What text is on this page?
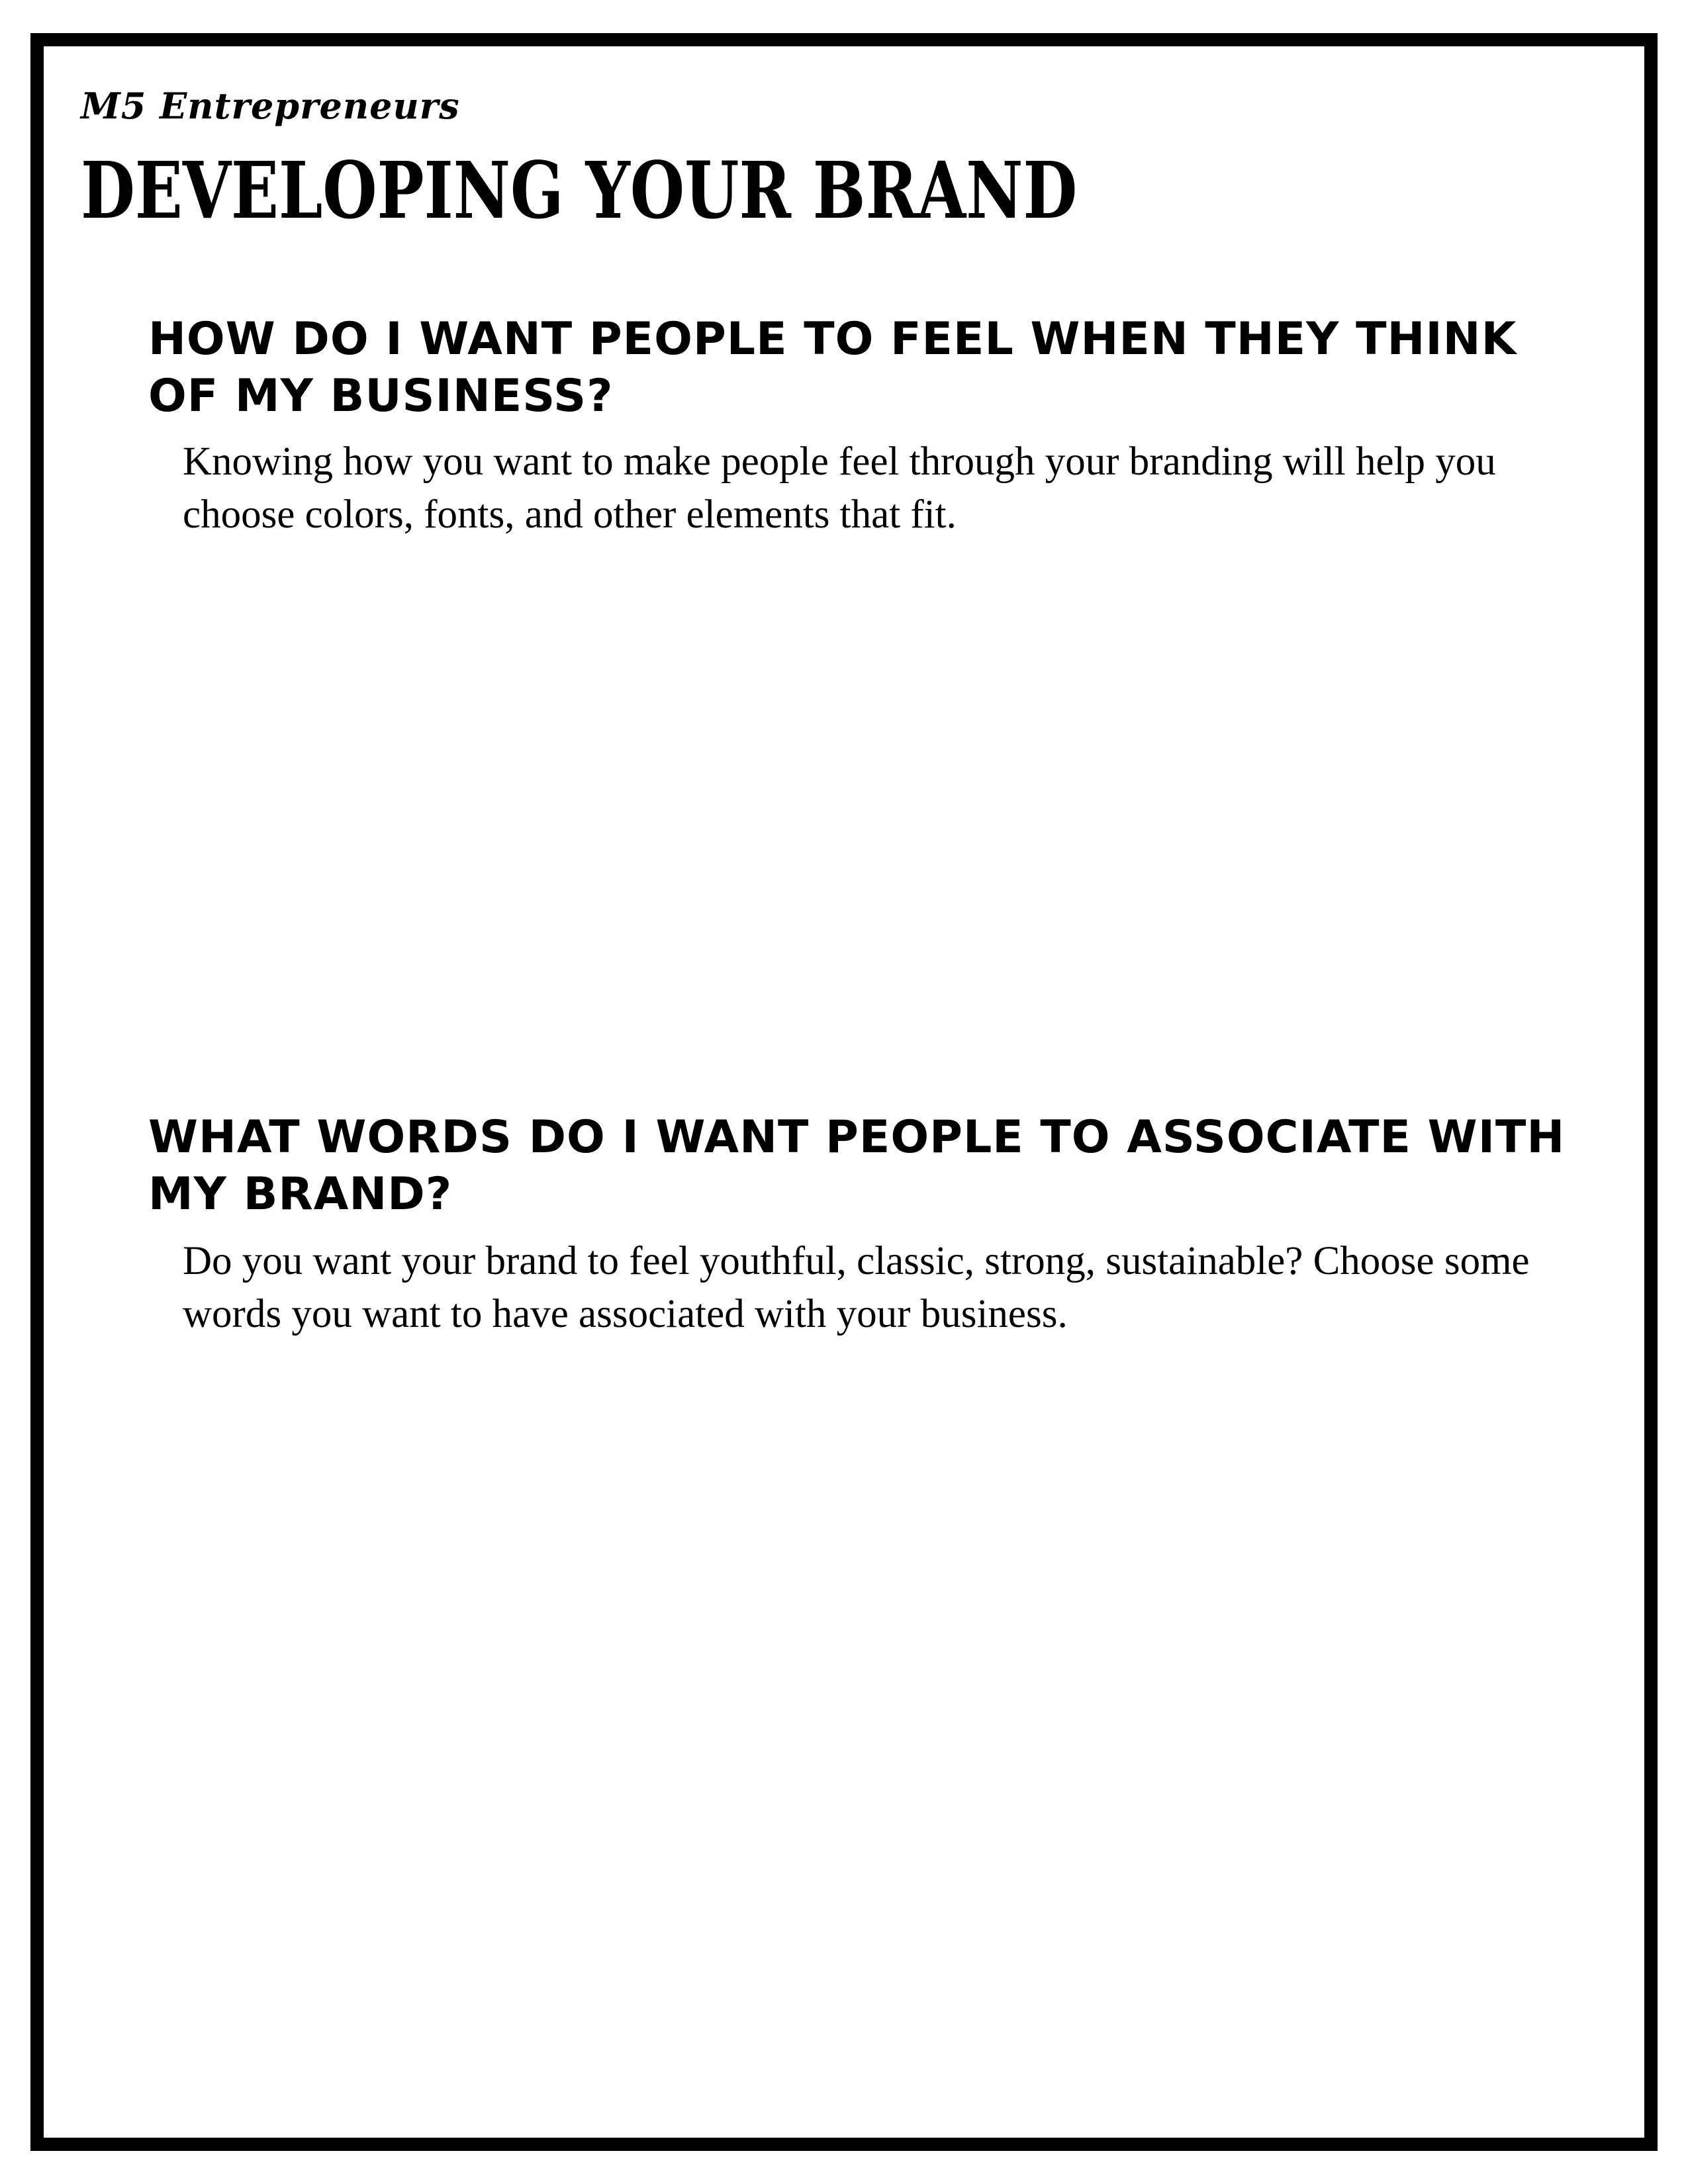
M5 Entrepreneurs
DEVELOPING YOUR BRAND
HOW DO I WANT PEOPLE TO FEEL WHEN THEY THINK OF MY BUSINESS?

Knowing how you want to make people feel through your branding will help you choose colors, fonts, and other elements that fit.

WHAT WORDS DO I WANT PEOPLE TO ASSOCIATE WITH MY BRAND?

Do you want your brand to feel youthful, classic, strong, sustainable? Choose some words you want to have associated with your business.
